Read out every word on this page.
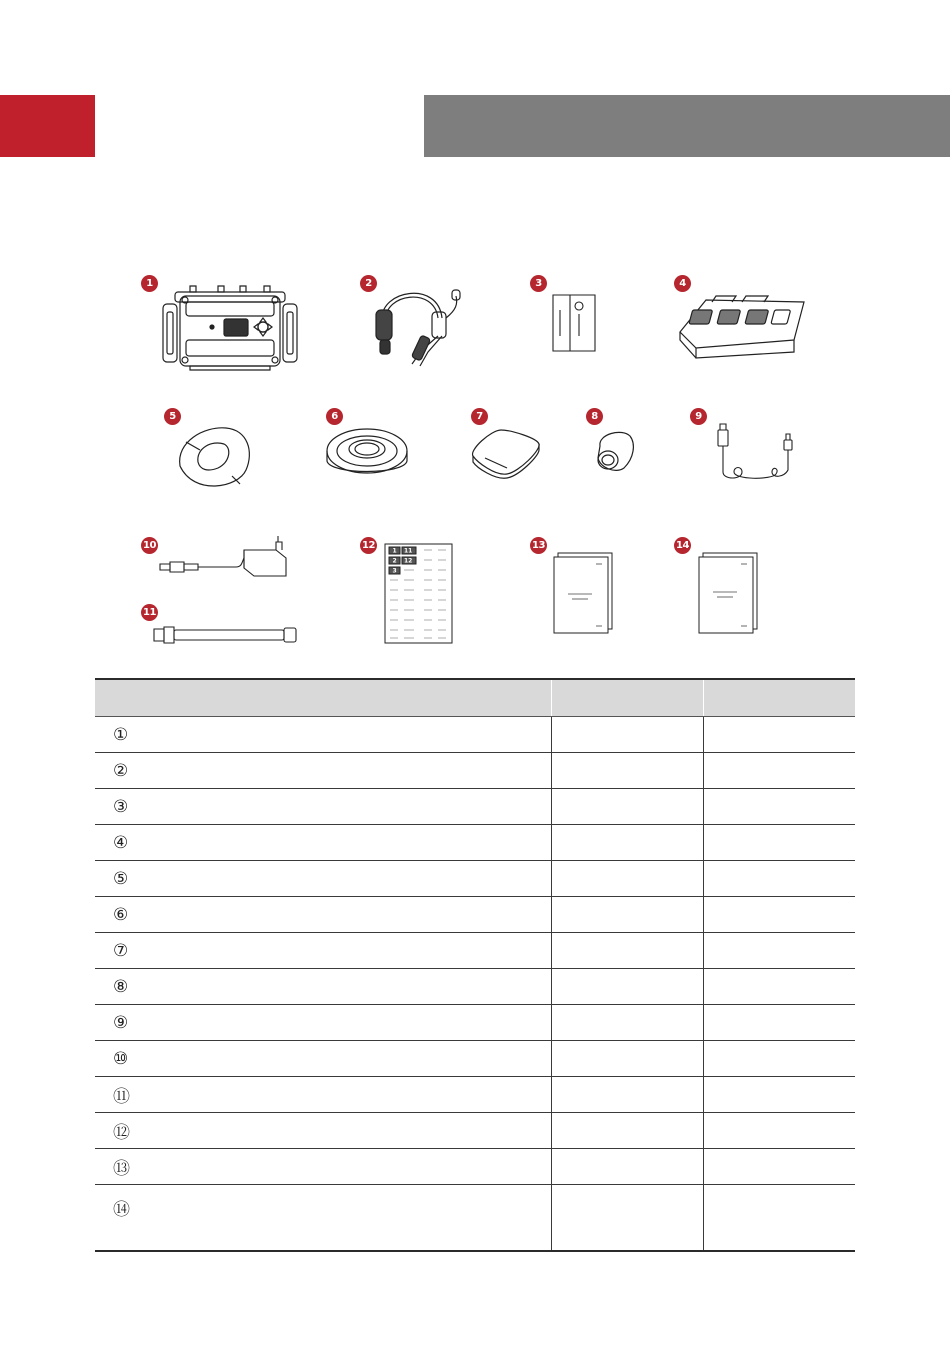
1	2	3	4
5	6	7	8	9
10
11
12
1 11
2 12
3
13	14

①		
②		
③		
④		
⑤		
⑥		
⑦		
⑧		
⑨		
⑩		
⑪		
⑫		
⑬		
⑭		
